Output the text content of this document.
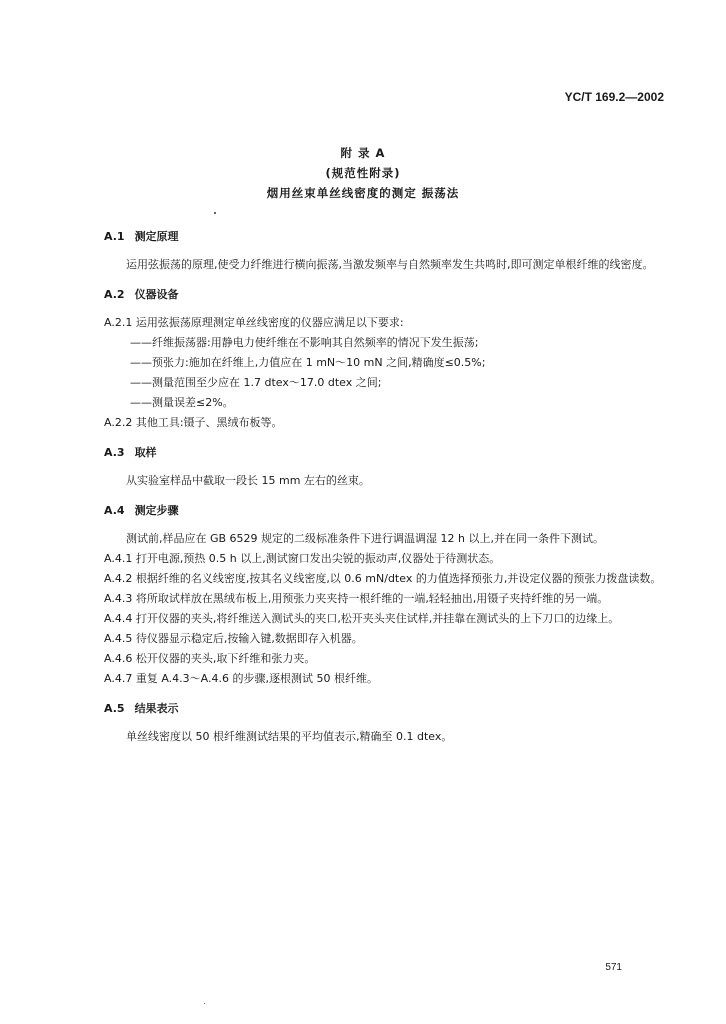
YC/T 169.2—2002
附 录 A
(规范性附录)
烟用丝束单丝线密度的测定 振荡法
A.1 测定原理
运用弦振荡的原理,使受力纤维进行横向振荡,当激发频率与自然频率发生共鸣时,即可测定单根纤维的线密度。
A.2 仪器设备
A.2.1 运用弦振荡原理测定单丝线密度的仪器应满足以下要求:
——纤维振荡器:用静电力使纤维在不影响其自然频率的情况下发生振荡;
——预张力:施加在纤维上,力值应在 1 mN～10 mN 之间,精确度≤0.5%;
——测量范围至少应在 1.7 dtex～17.0 dtex 之间;
——测量误差≤2%。
A.2.2 其他工具:镊子、黑绒布板等。
A.3 取样
从实验室样品中截取一段长 15 mm 左右的丝束。
A.4 测定步骤
测试前,样品应在 GB 6529 规定的二级标准条件下进行调温调湿 12 h 以上,并在同一条件下测试。
A.4.1 打开电源,预热 0.5 h 以上,测试窗口发出尖锐的振动声,仪器处于待测状态。
A.4.2 根据纤维的名义线密度,按其名义线密度,以 0.6 mN/dtex 的力值选择预张力,并设定仪器的预张力拨盘读数。
A.4.3 将所取试样放在黑绒布板上,用预张力夹夹持一根纤维的一端,轻轻抽出,用镊子夹持纤维的另一端。
A.4.4 打开仪器的夹头,将纤维送入测试头的夹口,松开夹头夹住试样,并挂靠在测试头的上下刀口的边缘上。
A.4.5 待仪器显示稳定后,按输入键,数据即存入机器。
A.4.6 松开仪器的夹头,取下纤维和张力夹。
A.4.7 重复 A.4.3～A.4.6 的步骤,逐根测试 50 根纤维。
A.5 结果表示
单丝线密度以 50 根纤维测试结果的平均值表示,精确至 0.1 dtex。
571
